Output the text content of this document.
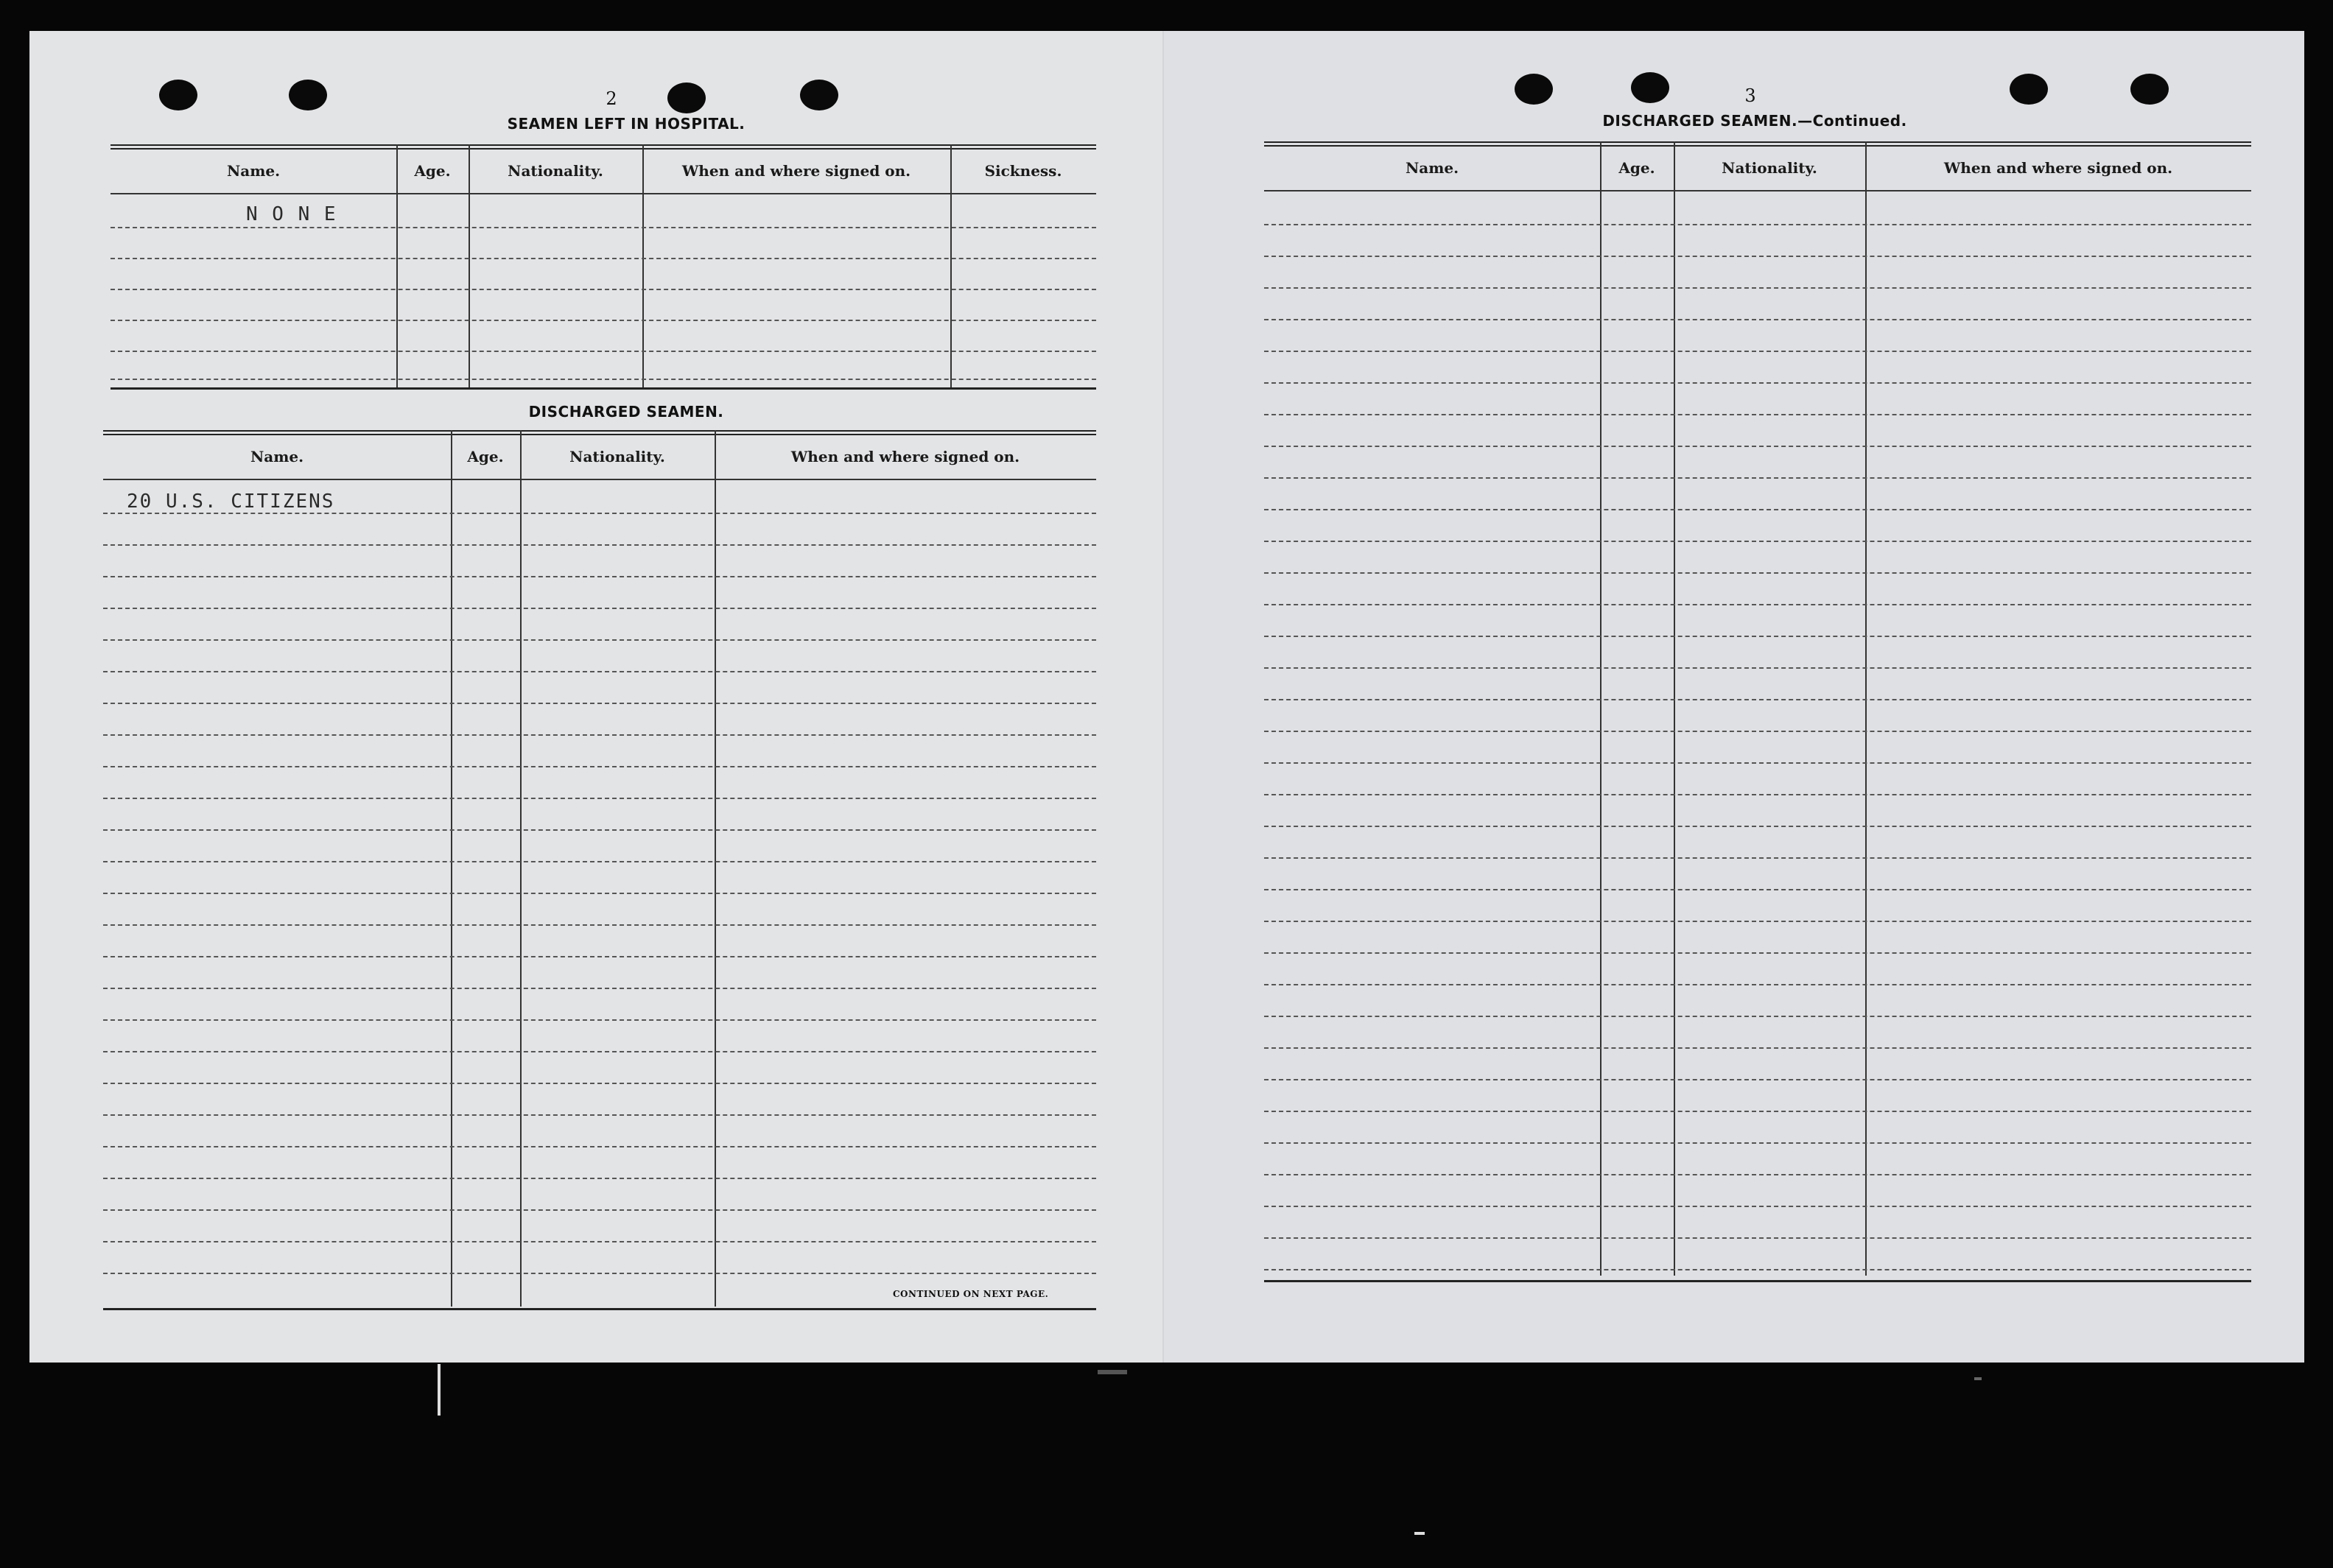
2
SEAMEN LEFT IN HOSPITAL.
Name.	Age.	Nationality.	When and where signed on.	Sickness.
N O N E
DISCHARGED SEAMEN.
Name.	Age.	Nationality.	When and where signed on.
20 U.S. CITIZENS
CONTINUED ON NEXT PAGE.
3
DISCHARGED SEAMEN.—Continued.
Name.	Age.	Nationality.	When and where signed on.
